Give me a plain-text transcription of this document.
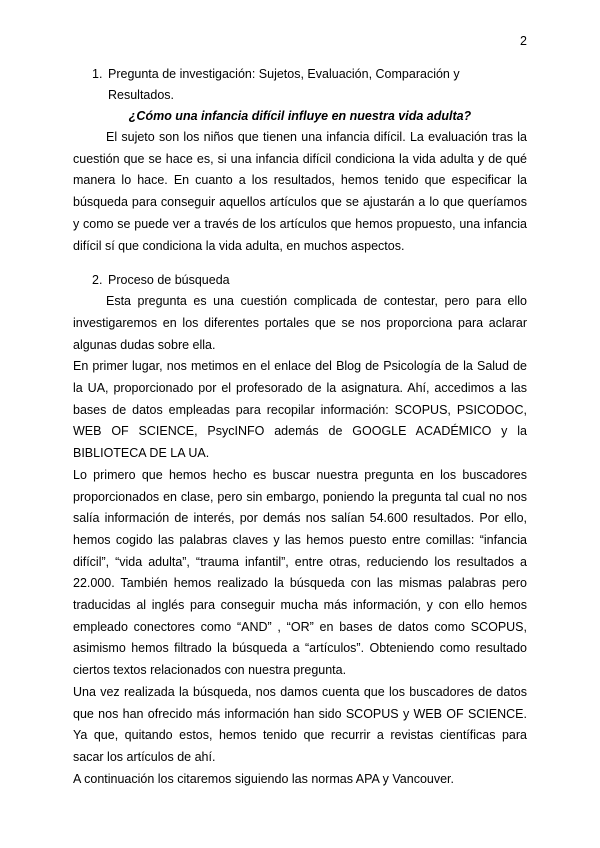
2
1. Pregunta de investigación: Sujetos, Evaluación, Comparación y Resultados.

¿Cómo una infancia difícil influye en nuestra vida adulta?

El sujeto son los niños que tienen una infancia difícil. La evaluación tras la cuestión que se hace es, si una infancia difícil condiciona la vida adulta y de qué manera lo hace. En cuanto a los resultados, hemos tenido que especificar la búsqueda para conseguir aquellos artículos que se ajustarán a lo que queríamos y como se puede ver a través de los artículos que hemos propuesto, una infancia difícil sí que condiciona la vida adulta, en muchos aspectos.

2. Proceso de búsqueda

Esta pregunta es una cuestión complicada de contestar, pero para ello investigaremos en los diferentes portales que se nos proporciona para aclarar algunas dudas sobre ella.

En primer lugar, nos metimos en el enlace del Blog de Psicología de la Salud de la UA, proporcionado por el profesorado de la asignatura. Ahí, accedimos a las bases de datos empleadas para recopilar información: SCOPUS, PSICODOC, WEB OF SCIENCE, PsycINFO además de GOOGLE ACADÉMICO y la BIBLIOTECA DE LA UA.

Lo primero que hemos hecho es buscar nuestra pregunta en los buscadores proporcionados en clase, pero sin embargo, poniendo la pregunta tal cual no nos salía información de interés, por demás nos salían 54.600 resultados. Por ello, hemos cogido las palabras claves y las hemos puesto entre comillas: “infancia difícil”, “vida adulta”, “trauma infantil”, entre otras, reduciendo los resultados a 22.000. También hemos realizado la búsqueda con las mismas palabras pero traducidas al inglés para conseguir mucha más información, y con ello hemos empleado conectores como “AND” , “OR” en bases de datos como SCOPUS, asimismo hemos filtrado la búsqueda a “artículos”. Obteniendo como resultado ciertos textos relacionados con nuestra pregunta.

Una vez realizada la búsqueda, nos damos cuenta que los buscadores de datos que nos han ofrecido más información han sido SCOPUS y WEB OF SCIENCE. Ya que, quitando estos, hemos tenido que recurrir a revistas científicas para sacar los artículos de ahí.

A continuación los citaremos siguiendo las normas APA y Vancouver.
